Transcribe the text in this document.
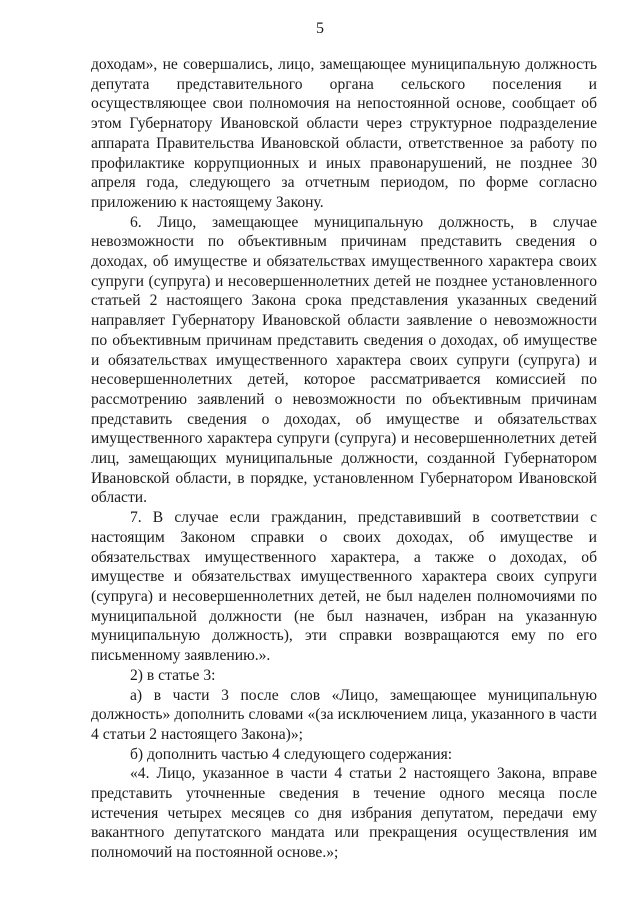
5

доходам», не совершались, лицо, замещающее муниципальную должность депутата представительного органа сельского поселения и осуществляющее свои полномочия на непостоянной основе, сообщает об этом Губернатору Ивановской области через структурное подразделение аппарата Правительства Ивановской области, ответственное за работу по профилактике коррупционных и иных правонарушений, не позднее 30 апреля года, следующего за отчетным периодом, по форме согласно приложению к настоящему Закону.

6. Лицо, замещающее муниципальную должность, в случае невозможности по объективным причинам представить сведения о доходах, об имуществе и обязательствах имущественного характера своих супруги (супруга) и несовершеннолетних детей не позднее установленного статьей 2 настоящего Закона срока представления указанных сведений направляет Губернатору Ивановской области заявление о невозможности по объективным причинам представить сведения о доходах, об имуществе и обязательствах имущественного характера своих супруги (супруга) и несовершеннолетних детей, которое рассматривается комиссией по рассмотрению заявлений о невозможности по объективным причинам представить сведения о доходах, об имуществе и обязательствах имущественного характера супруги (супруга) и несовершеннолетних детей лиц, замещающих муниципальные должности, созданной Губернатором Ивановской области, в порядке, установленном Губернатором Ивановской области.

7. В случае если гражданин, представивший в соответствии с настоящим Законом справки о своих доходах, об имуществе и обязательствах имущественного характера, а также о доходах, об имуществе и обязательствах имущественного характера своих супруги (супруга) и несовершеннолетних детей, не был наделен полномочиями по муниципальной должности (не был назначен, избран на указанную муниципальную должность), эти справки возвращаются ему по его письменному заявлению.».

2) в статье 3:

а) в части 3 после слов «Лицо, замещающее муниципальную должность» дополнить словами «(за исключением лица, указанного в части 4 статьи 2 настоящего Закона)»;

б) дополнить частью 4 следующего содержания:

«4. Лицо, указанное в части 4 статьи 2 настоящего Закона, вправе представить уточненные сведения в течение одного месяца после истечения четырех месяцев со дня избрания депутатом, передачи ему вакантного депутатского мандата или прекращения осуществления им полномочий на постоянной основе.»;
